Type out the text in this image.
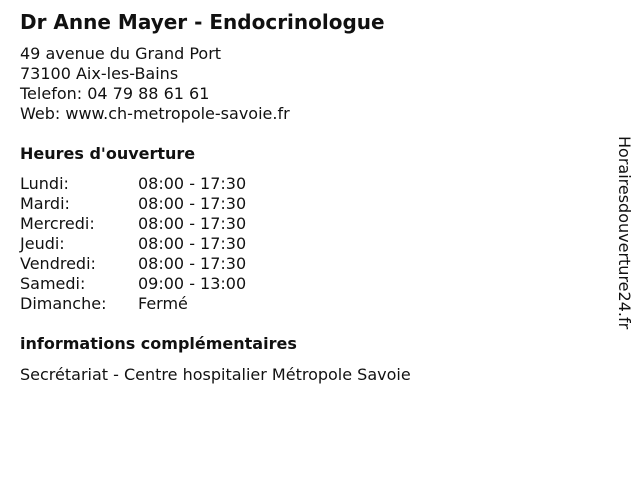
Dr Anne Mayer - Endocrinologue
49 avenue du Grand Port
73100 Aix-les-Bains
Telefon: 04 79 88 61 61
Web: www.ch-metropole-savoie.fr
Heures d'ouverture
Lundi:	08:00 - 17:30
Mardi:	08:00 - 17:30
Mercredi:	08:00 - 17:30
Jeudi:	08:00 - 17:30
Vendredi:	08:00 - 17:30
Samedi:	09:00 - 13:00
Dimanche:	Fermé
informations complémentaires
Secrétariat - Centre hospitalier Métropole Savoie
Horairesdouverture24.fr
